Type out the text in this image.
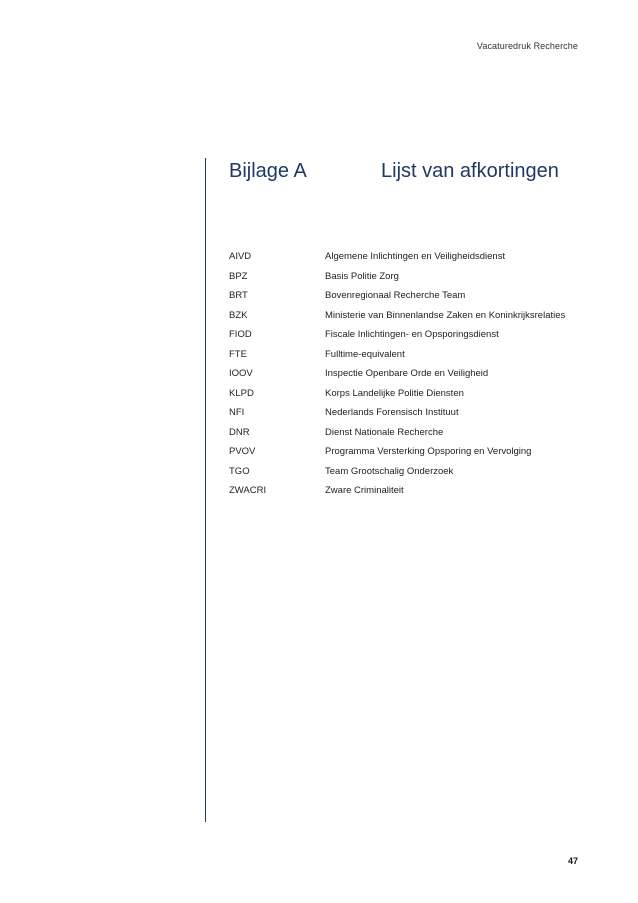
Vacaturedruk Recherche
Bijlage A	Lijst van afkortingen
AIVD	Algemene Inlichtingen en Veiligheidsdienst
BPZ	Basis Politie Zorg
BRT	Bovenregionaal Recherche Team
BZK	Ministerie van Binnenlandse Zaken en Koninkrijksrelaties
FIOD	Fiscale Inlichtingen- en Opsporingsdienst
FTE	Fulltime-equivalent
IOOV	Inspectie Openbare Orde en Veiligheid
KLPD	Korps Landelijke Politie Diensten
NFI	Nederlands Forensisch Instituut
DNR	Dienst Nationale Recherche
PVOV	Programma Versterking Opsporing en Vervolging
TGO	Team Grootschalig Onderzoek
ZWACRI	Zware Criminaliteit
47
